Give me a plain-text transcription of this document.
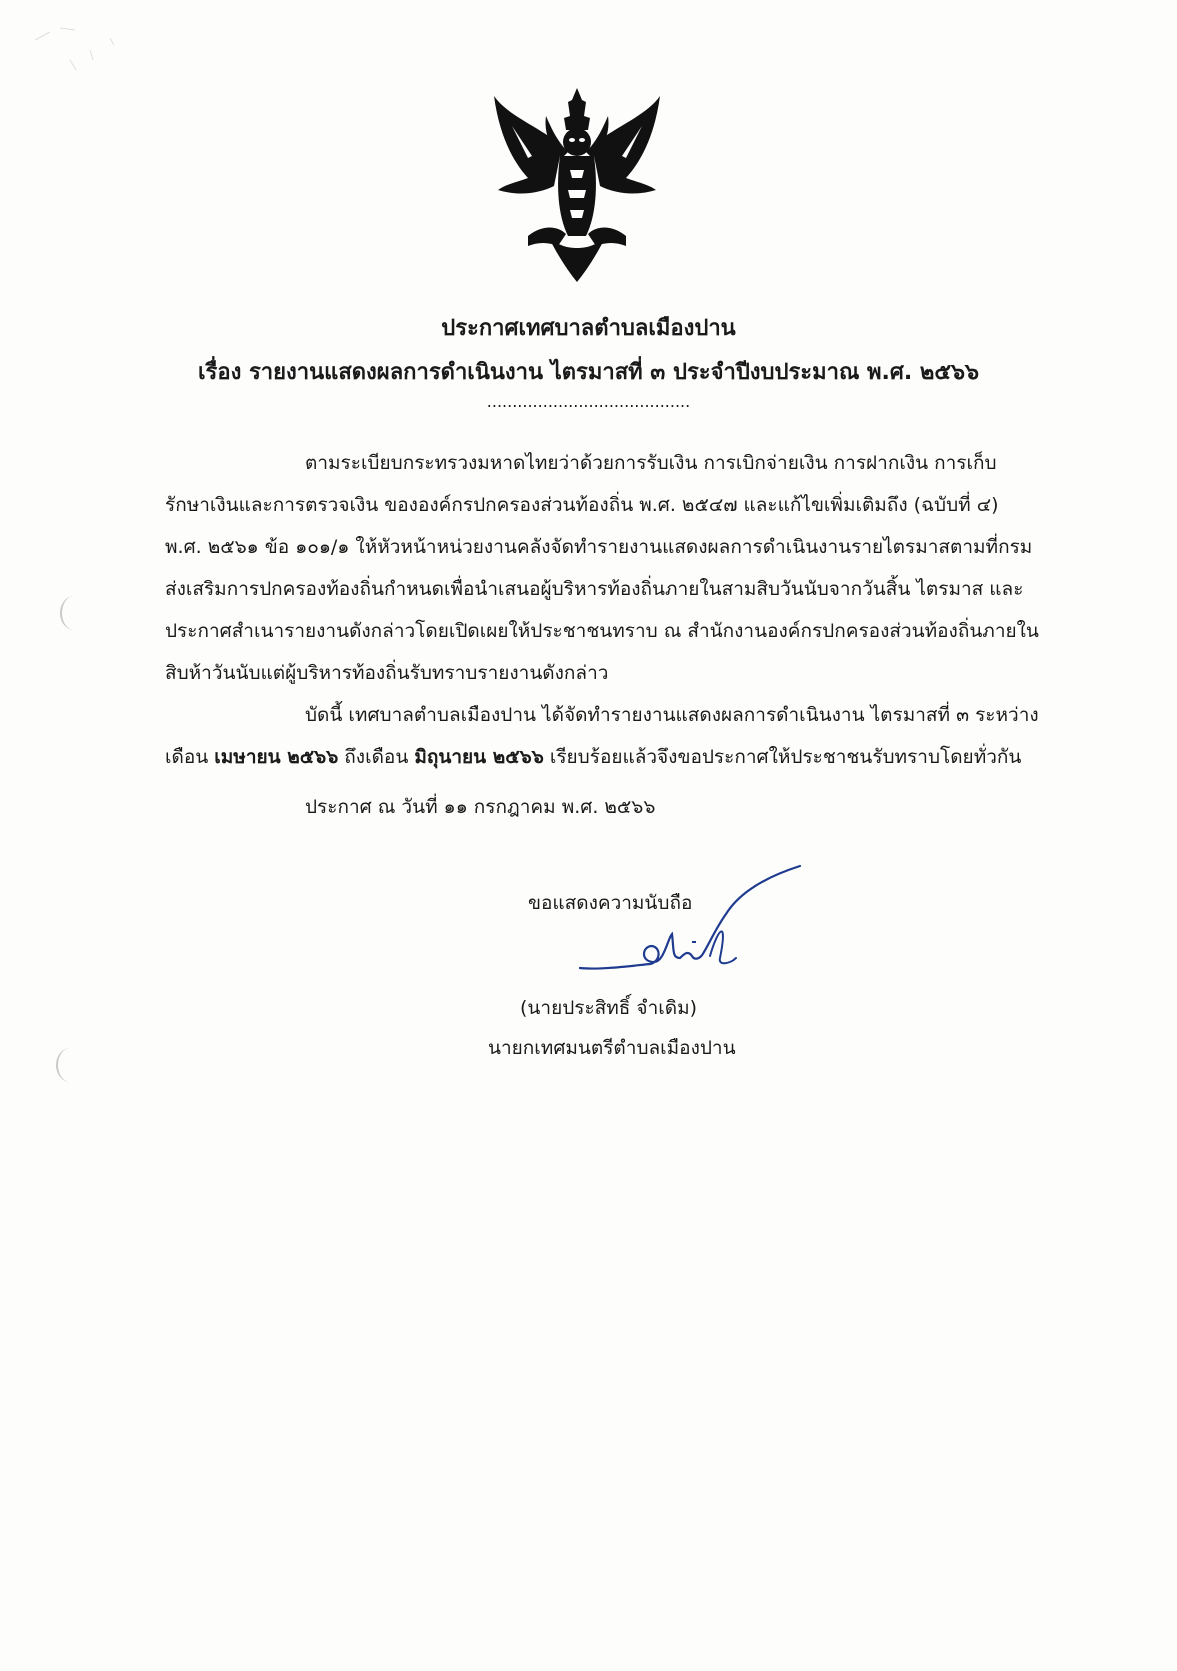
ประกาศเทศบาลตำบลเมืองปาน
เรื่อง รายงานแสดงผลการดำเนินงาน ไตรมาสที่ ๓ ประจำปีงบประมาณ พ.ศ. ๒๕๖๖
........................................
ตามระเบียบกระทรวงมหาดไทยว่าด้วยการรับเงิน การเบิกจ่ายเงิน การฝากเงิน การเก็บ
รักษาเงินและการตรวจเงิน ขององค์กรปกครองส่วนท้องถิ่น พ.ศ. ๒๕๔๗ และแก้ไขเพิ่มเติมถึง (ฉบับที่ ๔)
พ.ศ. ๒๕๖๑ ข้อ ๑๐๑/๑ ให้หัวหน้าหน่วยงานคลังจัดทำรายงานแสดงผลการดำเนินงานรายไตรมาสตามที่กรม
ส่งเสริมการปกครองท้องถิ่นกำหนดเพื่อนำเสนอผู้บริหารท้องถิ่นภายในสามสิบวันนับจากวันสิ้น ไตรมาส และ
ประกาศสำเนารายงานดังกล่าวโดยเปิดเผยให้ประชาชนทราบ ณ สำนักงานองค์กรปกครองส่วนท้องถิ่นภายใน
สิบห้าวันนับแต่ผู้บริหารท้องถิ่นรับทราบรายงานดังกล่าว
บัดนี้ เทศบาลตำบลเมืองปาน ได้จัดทำรายงานแสดงผลการดำเนินงาน ไตรมาสที่ ๓ ระหว่าง
เดือน เมษายน ๒๕๖๖ ถึงเดือน มิถุนายน ๒๕๖๖ เรียบร้อยแล้วจึงขอประกาศให้ประชาชนรับทราบโดยทั่วกัน
ประกาศ ณ วันที่ ๑๑ กรกฎาคม พ.ศ. ๒๕๖๖
ขอแสดงความนับถือ
(นายประสิทธิ์ จำเดิม)
นายกเทศมนตรีตำบลเมืองปาน
